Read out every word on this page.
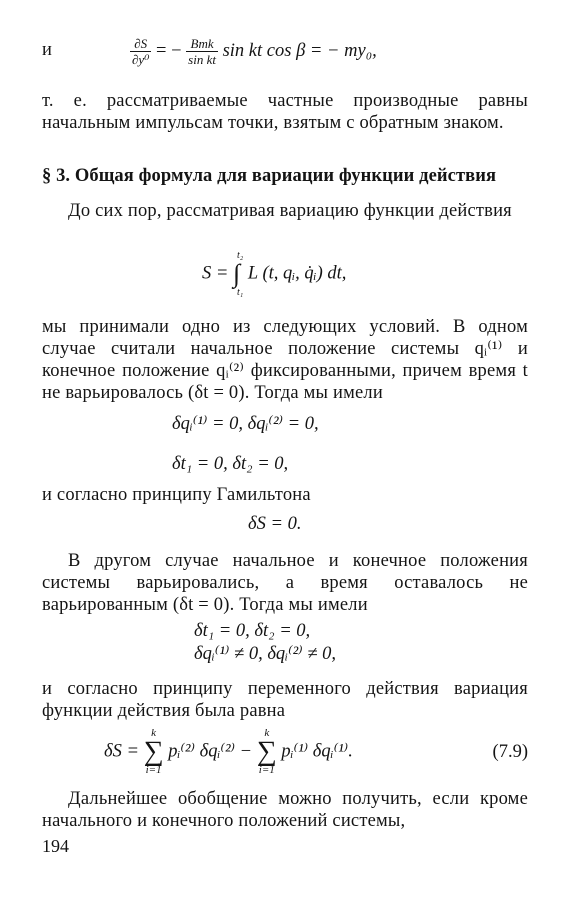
и	$\frac{\partial S}{\text{∂y⁰}}$ = − $\frac{\text{Bmk}}{\text{sin kt}}$ sin kt cos β = − my₀,

т. е. рассматриваемые частные производные равны начальным импульсам точки, взятым с обратным знаком.

§ 3. Общая формула для вариации функции действия

До сих пор, рассматривая вариацию функции действия

S =
t₂
∫
t₁
L (t, qᵢ, q̇ᵢ) dt,

мы принимали одно из следующих условий. В одном случае считали начальное положение системы qᵢ⁽¹⁾ и конечное положение qᵢ⁽²⁾ фиксированными, причем время t не варьировалось (δt = 0). Тогда мы имели

δqᵢ⁽¹⁾ = 0, δqᵢ⁽²⁾ = 0,
δt₁ = 0, δt₂ = 0,

и согласно принципу Гамильтона

δS = 0.

В другом случае начальное и конечное положения системы варьировались, а время оставалось не варьированным (δt = 0). Тогда мы имели

δt₁ = 0, δt₂ = 0,
δqᵢ⁽¹⁾ ≠ 0, δqᵢ⁽²⁾ ≠ 0,

и согласно принципу переменного действия вариация функции действия была равна

δS =
k
∑
i=1
pᵢ⁽²⁾ δqᵢ⁽²⁾ −
k
∑
i=1
pᵢ⁽¹⁾ δqᵢ⁽¹⁾.	(7.9)

Дальнейшее обобщение можно получить, если кроме начального и конечного положений системы,

194
